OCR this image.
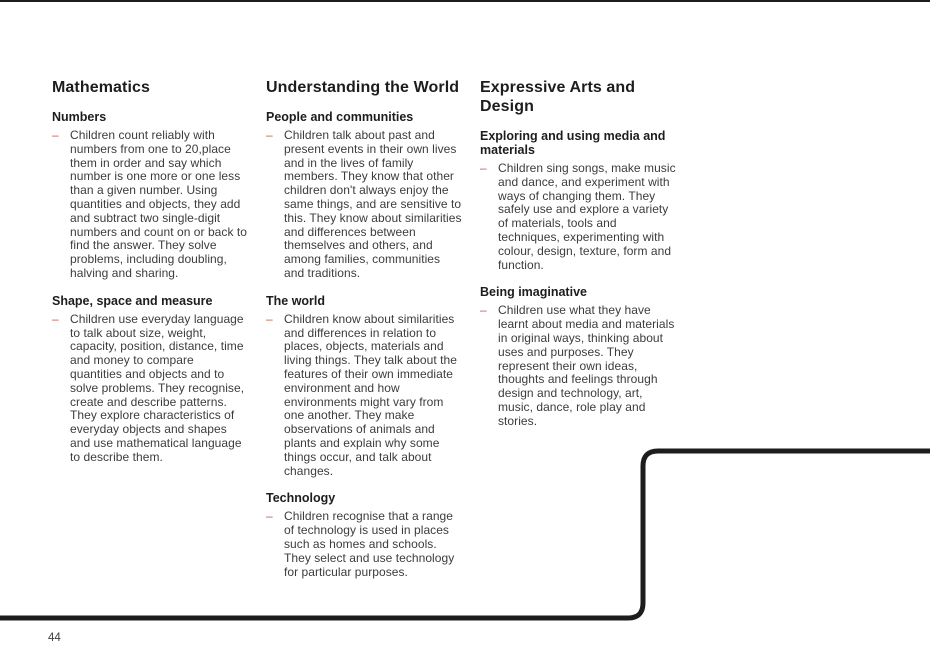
Mathematics
Numbers
– Children count reliably with numbers from one to 20,place them in order and say which number is one more or one less than a given number. Using quantities and objects, they add and subtract two single-digit numbers and count on or back to find the answer. They solve problems, including doubling, halving and sharing.
Shape, space and measure
– Children use everyday language to talk about size, weight, capacity, position, distance, time and money to compare quantities and objects and to solve problems. They recognise, create and describe patterns. They explore characteristics of everyday objects and shapes and use mathematical language to describe them.
Understanding the World
People and communities
– Children talk about past and present events in their own lives and in the lives of family members. They know that other children don't always enjoy the same things, and are sensitive to this. They know about similarities and differences between themselves and others, and among families, communities and traditions.
The world
– Children know about similarities and differences in relation to places, objects, materials and living things. They talk about the features of their own immediate environment and how environments might vary from one another. They make observations of animals and plants and explain why some things occur, and talk about changes.
Technology
– Children recognise that a range of technology is used in places such as homes and schools. They select and use technology for particular purposes.
Expressive Arts and Design
Exploring and using media and materials
– Children sing songs, make music and dance, and experiment with ways of changing them. They safely use and explore a variety of materials, tools and techniques, experimenting with colour, design, texture, form and function.
Being imaginative
– Children use what they have learnt about media and materials in original ways, thinking about uses and purposes. They represent their own ideas, thoughts and feelings through design and technology, art, music, dance, role play and stories.
44
